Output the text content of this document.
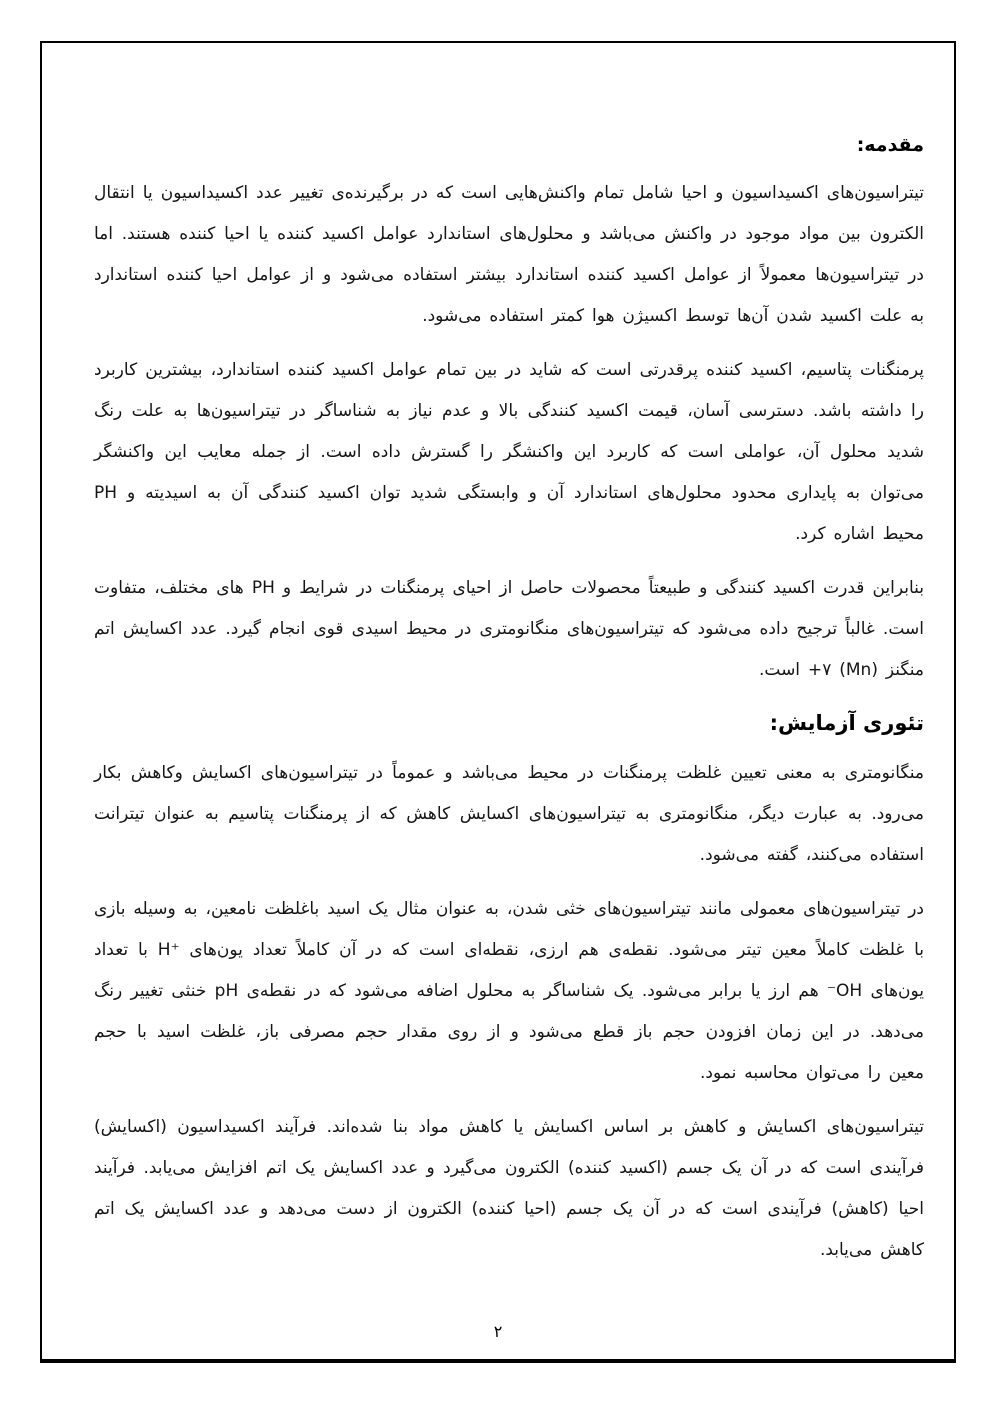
مقدمه:

تیتراسیون‌های اکسیداسیون و احیا شامل تمام واکنش‌هایی است که در برگیرنده‌ی تغییر عدد اکسیداسیون یا انتقال الکترون بین مواد موجود در واکنش می‌باشد و محلول‌های استاندارد عوامل اکسید کننده یا احیا کننده هستند. اما در تیتراسیون‌ها معمولاً از عوامل اکسید کننده استاندارد بیشتر استفاده می‌شود و از عوامل احیا کننده استاندارد به علت اکسید شدن آن‌ها توسط اکسیژن هوا کمتر استفاده می‌شود.

پرمنگنات پتاسیم، اکسید کننده پرقدرتی است که شاید در بین تمام عوامل اکسید کننده استاندارد، بیشترین کاربرد را داشته باشد. دسترسی آسان، قیمت اکسید کنندگی بالا و عدم نیاز به شناساگر در تیتراسیون‌ها به علت رنگ شدید محلول آن، عواملی است که کاربرد این واکنشگر را گسترش داده است. از جمله معایب این واکنشگر می‌توان به پایداری محدود محلول‌های استاندارد آن و وابستگی شدید توان اکسید کنندگی آن به اسیدیته و PH محیط اشاره کرد.

بنابراین قدرت اکسید کنندگی و طبیعتاً محصولات حاصل از احیای پرمنگنات در شرایط و PH های مختلف، متفاوت است. غالباً ترجیح داده می‌شود که تیتراسیون‌های منگانومتری در محیط اسیدی قوی انجام گیرد. عدد اکسایش اتم منگنز (Mn) ۷+ است.

تئوری آزمایش:

منگانومتری به معنی تعیین غلظت پرمنگنات در محیط می‌باشد و عموماً در تیتراسیون‌های اکسایش وکاهش بکار می‌رود. به عبارت دیگر، منگانومتری به تیتراسیون‌های اکسایش کاهش که از پرمنگنات پتاسیم به عنوان تیترانت استفاده می‌کنند، گفته می‌شود.

در تیتراسیون‌های معمولی مانند تیتراسیون‌های خثی شدن، به عنوان مثال یک اسید باغلظت نامعین، به وسیله بازی با غلظت کاملاً معین تیتر می‌شود. نقطه‌ی هم ارزی، نقطه‌ای است که در آن کاملاً تعداد یون‌های H⁺‎ با تعداد یون‌های OH⁻ هم ارز یا برابر می‌شود. یک شناساگر به محلول اضافه می‌شود که در نقطه‌ی pH خنثی تغییر رنگ می‌دهد. در این زمان افزودن حجم باز قطع می‌شود و از روی مقدار حجم مصرفی باز، غلظت اسید با حجم معین را می‌توان محاسبه نمود.

تیتراسیون‌های اکسایش و کاهش بر اساس اکسایش یا کاهش مواد بنا شده‌اند. فرآیند اکسیداسیون (اکسایش) فرآیندی است که در آن یک جسم (اکسید کننده) الکترون می‌گیرد و عدد اکسایش یک اتم افزایش می‌یابد. فرآیند احیا (کاهش) فرآیندی است که در آن یک جسم (احیا کننده) الکترون از دست می‌دهد و عدد اکسایش یک اتم کاهش می‌یابد.

۲
